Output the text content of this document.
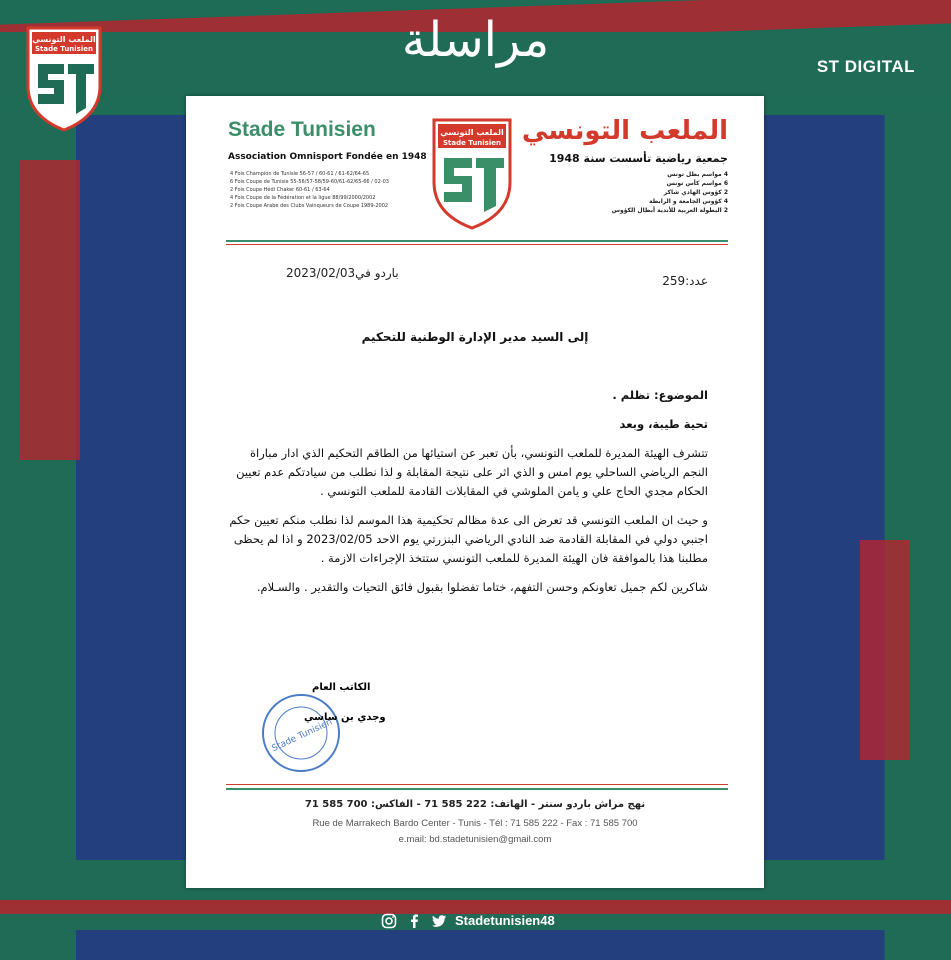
مراسلة
الملعب التونسي
Stade Tunisien
ST DIGITAL
Stade Tunisien
Association Omnisport Fondée en 1948
4 Fois Champion de Tunisie 56-57 / 60-61 / 61-62/64-65
6 Fois Coupe de Tunisie 55-56/57-58/59-60/61-62/65-66 / 02-03
2 Fois Coupe Hédi Chaker 60-61 / 63-64
4 Fois Coupe de la Fédération et la ligue 88/99/2000/2002
2 Fois Coupe Arabe des Clubs Vainqueurs de Coupe 1989-2002
الملعب التونسي
Stade Tunisien الملعب التونسي
جمعية رياضية تأسست سنة 1948
4 مواسم بطل تونس
6 مواسم كأس تونس
2 كؤوس الهادي شاكر
4 كؤوس الجامعة و الرابطة
2 البطولة العربية للأندية أبطال الكؤوس
باردو في2023/02/03
عدد:259
إلى السيد مدير الإدارة الوطنية للتحكيم

الموضوع: تظلم .

تحية طيبة، وبعد

تتشرف الهيئة المديرة للملعب التونسي، بأن تعبر عن استيائها من الطاقم التحكيم الذي ادار مباراة النجم الرياضي الساحلي يوم امس و الذي اثر على نتيجة المقابلة و لذا نطلب من سيادتكم عدم تعيين الحكام مجدي الحاج علي و يامن الملوشي في المقابلات القادمة للملعب التونسي .

و حيث ان الملعب التونسي قد تعرض الى عدة مظالم تحكيمية هذا الموسم لذا نطلب منكم تعيين حكم اجنبي دولي في المقابلة القادمة ضد النادي الرياضي البنزرتي يوم الاحد 2023/02/05 و اذا لم يحظى مطلبنا هذا بالموافقة فان الهيئة المديرة للملعب التونسي ستتخذ الإجراءات الازمة .

شاكرين لكم جميل تعاونكم وحسن التفهم، ختاما تفضلوا بقبول فائق التحيات والتقدير . والسـلام.

Stade Tunisien
الكاتب العام
وجدي بن ساسي
نهج مراش باردو سنتر - الهاتف: 222 585 71 - الفاكس: 700 585 71
Rue de Marrakech Bardo Center - Tunis - Tél : 71 585 222 - Fax : 71 585 700
e.mail: bd.stadetunisien@gmail.com
Stadetunisien48
